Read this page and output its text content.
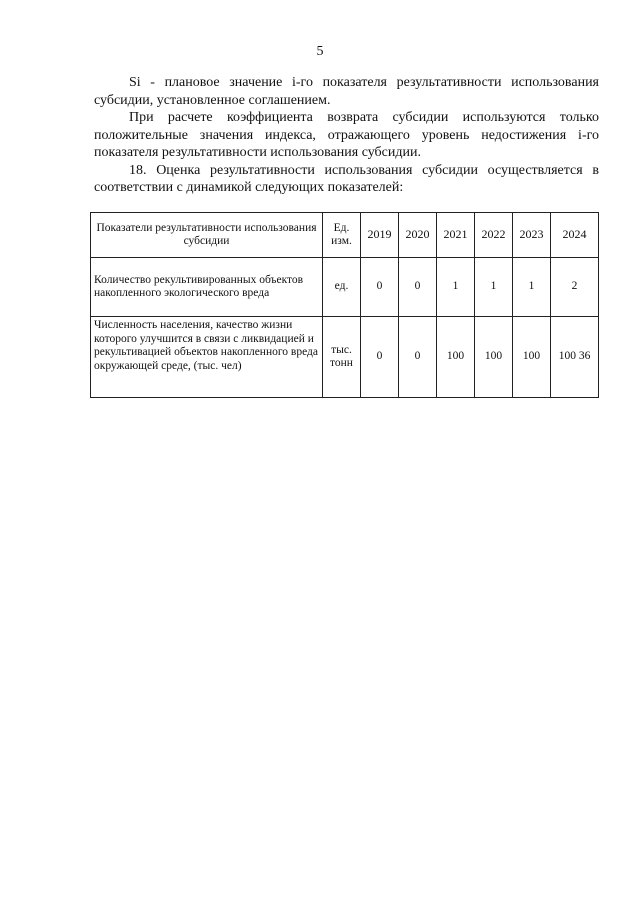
5

Si - плановое значение i-го показателя результативности использования субсидии, установленное соглашением.

При расчете коэффициента возврата субсидии используются только положительные значения индекса, отражающего уровень недостижения i-го показателя результативности использования субсидии.

18. Оценка результативности использования субсидии осуществляется в соответствии с динамикой следующих показателей:

Показатели результативности использования субсидии	Ед. изм.	2019	2020	2021	2022	2023	2024
Количество рекультивированных объектов накопленного экологического вреда	ед.	0	0	1	1	1	2
Численность населения, качество жизни которого улучшится в связи с ликвидацией и рекультивацией объектов накопленного вреда окружающей среде, (тыс. чел)	тыс. тонн	0	0	100	100	100	100 36
